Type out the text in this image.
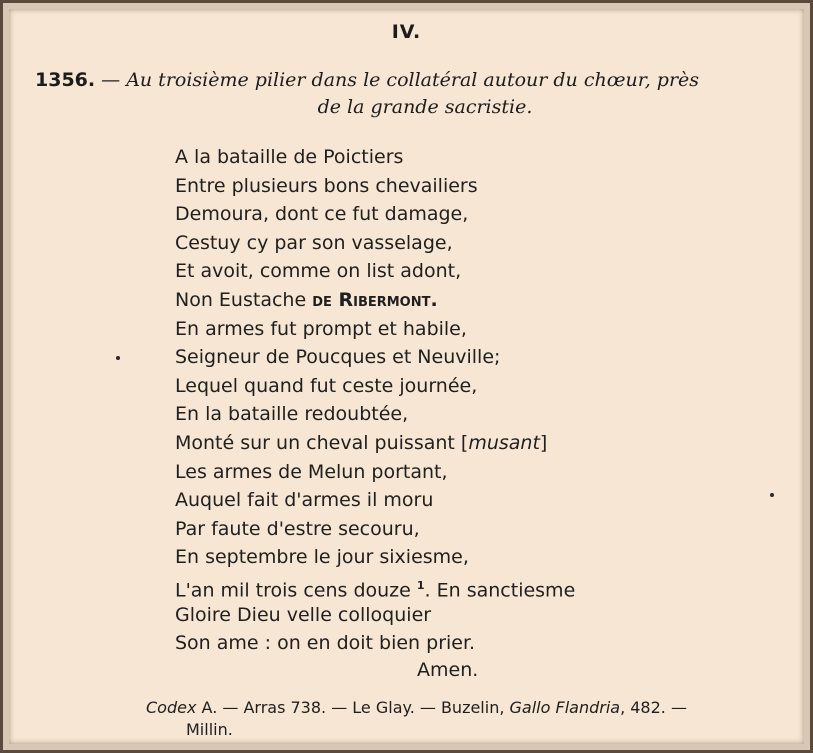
IV.
1356. — Au troisième pilier dans le collatéral autour du chœur, près
de la grande sacristie.
A la bataille de Poictiers
Entre plusieurs bons chevailiers
Demoura, dont ce fut damage,
Cestuy cy par son vasselage,
Et avoit, comme on list adont,
Non Eustache de Ribermont.
En armes fut prompt et habile,
Seigneur de Poucques et Neuville;
Lequel quand fut ceste journée,
En la bataille redoubtée,
Monté sur un cheval puissant [musant]
Les armes de Melun portant,
Auquel fait d'armes il moru
Par faute d'estre secouru,
En septembre le jour sixiesme,
L'an mil trois cens douze $^1$. En sanctiesme
Gloire Dieu velle colloquier
Son ame : on en doit bien prier.
Amen.
Codex A. — Arras 738. — Le Glay. — Buzelin, Gallo Flandria, 482. —
Millin.
